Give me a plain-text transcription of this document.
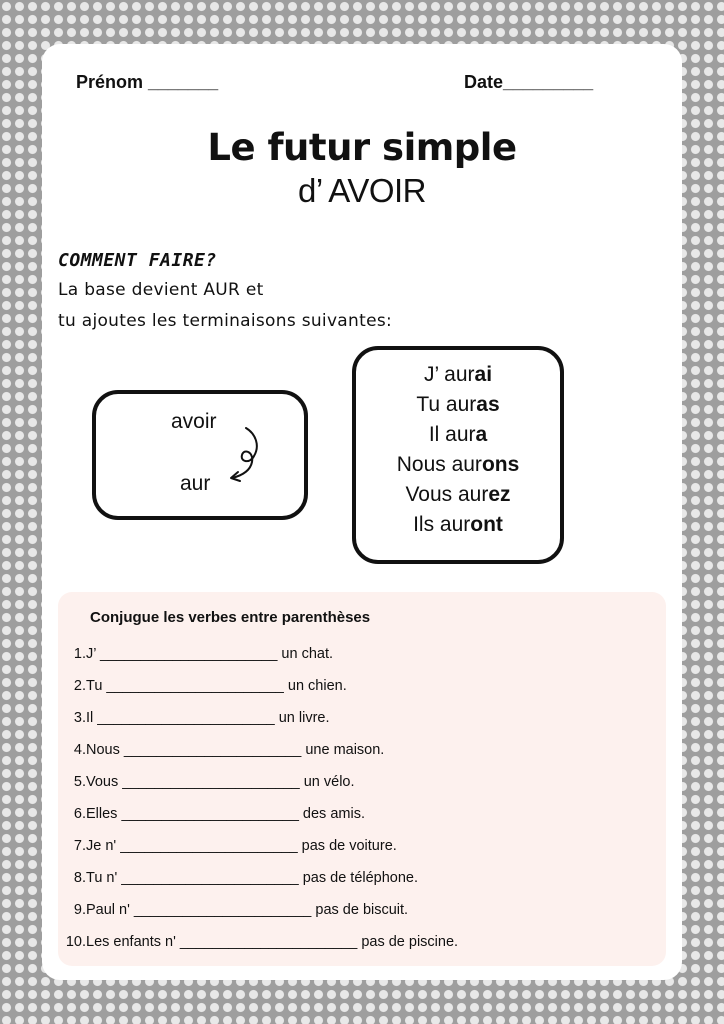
Prénom _______	Date_________
Le futur simple
d’ AVOIR
COMMENT FAIRE?
La base devient AUR et
tu ajoutes les terminaisons suivantes:
avoir
aur
J’ aurai
Tu auras
Il aura
Nous aurons
Vous aurez
Ils auront
Conjugue les verbes entre parenthèses
1.J’ ______________________ un chat.
2.Tu ______________________ un chien.
3.Il ______________________ un livre.
4.Nous ______________________ une maison.
5.Vous ______________________ un vélo.
6.Elles ______________________ des amis.
7.Je n' ______________________ pas de voiture.
8.Tu n' ______________________ pas de téléphone.
9.Paul n' ______________________ pas de biscuit.
10.Les enfants n' ______________________ pas de piscine.
